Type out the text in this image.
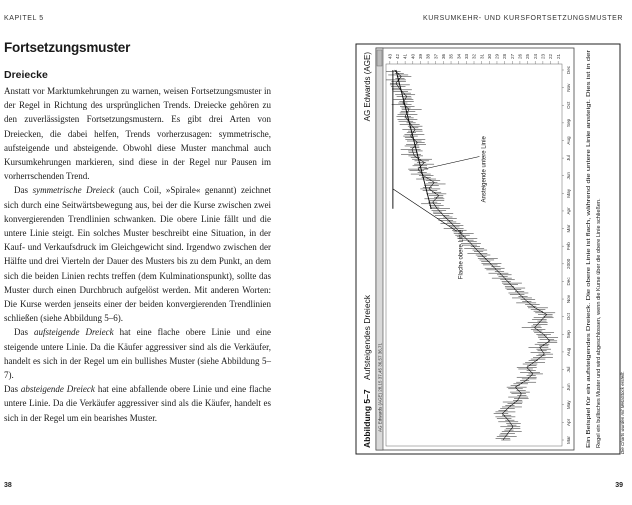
KAPITEL 5	KURSUMKEHR- UND KURSFORTSETZUNGSMUSTER
Fortsetzungsmuster
Dreiecke

Anstatt vor Marktumkehrungen zu warnen, weisen Fortsetzungsmuster in der Regel in Richtung des ursprünglichen Trends. Dreiecke gehören zu den zuverlässigsten Fortsetzungsmustern. Es gibt drei Arten von Dreiecken, die dabei helfen, Trends vorherzusagen: symmetrische, aufsteigende und absteigende. Obwohl diese Muster manchmal auch Kursumkehrungen markieren, sind diese in der Regel nur Pausen im vorherrschenden Trend.

Das symmetrische Dreieck (auch Coil, »Spirale« genannt) zeichnet sich durch eine Seitwärtsbewegung aus, bei der die Kurse zwischen zwei konvergierenden Trendlinien schwanken. Die obere Linie fällt und die untere Linie steigt. Ein solches Muster beschreibt eine Situation, in der Kauf- und Verkaufsdruck im Gleichgewicht sind. Irgendwo zwischen der Hälfte und drei Vierteln der Dauer des Musters bis zu dem Punkt, an dem sich die beiden Linien rechts treffen (dem Kulminationspunkt), sollte das Muster durch einen Durchbruch aufgelöst werden. Mit anderen Worten: Die Kurse werden jenseits einer der beiden konvergierenden Trendlinien schließen (siehe Abbildung 5–6).

Das aufsteigende Dreieck hat eine flache obere Linie und eine steigende untere Linie. Da die Käufer aggressiver sind als die Verkäufer, handelt es sich in der Regel um ein bullishes Muster (siehe Abbildung 5–7).

Das absteigende Dreieck hat eine abfallende obere Linie und eine flache untere Linie. Da die Verkäufer aggressiver sind als die Käufer, handelt es sich in der Regel um ein bearishes Muster.

38	39
Abbildung 5–7
Aufsteigendes Dreieck
AG Edwards (AGE)
AG Edwards (AGE) 28,15 37,45 36,57 36,71
21
22
23
24
25
26
27
28
29
30
31
32
33
34
35
36
37
38
39
40
41
42
43
Mar
Apr
May
Jun
Jul
Aug
Sep
Oct
Nov
Dec
2000
Feb
Mar
Apr
May
Jun
Jul
Aug
Sep
Oct
Nov
Dec
Flache obere Linie
Ansteigende untere Linie	Ein Beispiel für ein aufsteigendes Dreieck. Die obere Linie ist flach, während die untere Linie ansteigt. Dies ist in der Regel ein bullisches Muster und wird abgeschlossen, wenn die Kurse über die obere Linie schließen.	Die Charts wurden mit MetaStock erstellt.
